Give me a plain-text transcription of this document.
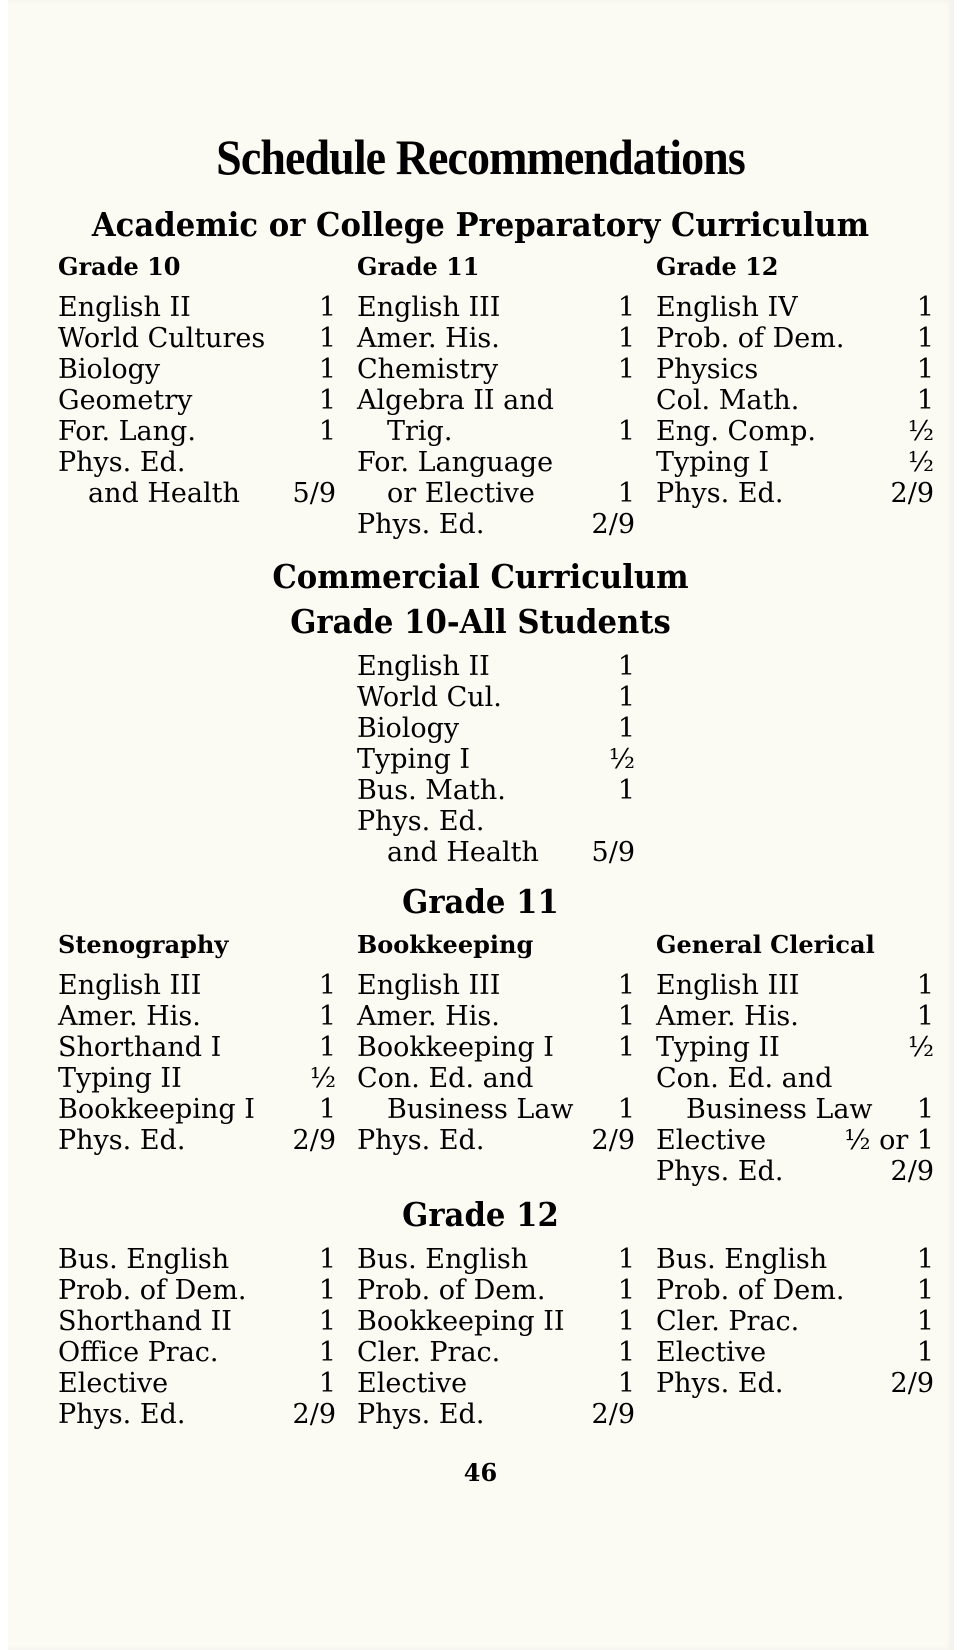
Schedule Recommendations
Academic or College Preparatory Curriculum
Grade 10
English II	1
World Cultures 1
Biology	1
Geometry	1
For. Lang.	1
Phys. Ed.
and Health 5/9
Grade 11
English III	1
Amer. His.	1
Chemistry	1
Algebra II and
Trig.	1
For. Language
or Elective	1
Phys. Ed.	2/9
Grade 12
English IV	1
Prob. of Dem.	1
Physics	1
Col. Math.	1
Eng. Comp.	½
Typing I	½
Phys. Ed.	2/9
Commercial Curriculum
Grade 10-All Students
English II	1
World Cul.	1
Biology	1
Typing I	½
Bus. Math.	1
Phys. Ed.
and Health 5/9
Grade 11
Stenography
English III	1
Amer. His.	1
Shorthand I	1
Typing II	½
Bookkeeping I 1
Phys. Ed.	2/9
Bookkeeping
English III	1
Amer. His.	1
Bookkeeping I 1
Con. Ed. and
Business Law 1
Phys. Ed.	2/9
General Clerical
English III	1
Amer. His.	1
Typing II	½
Con. Ed. and
Business Law 1
Elective	½ or 1
Phys. Ed.	2/9
Grade 12
Bus. English	1
Prob. of Dem.	1
Shorthand II	1
Office Prac.	1
Elective	1
Phys. Ed.	2/9
Bus. English	1
Prob. of Dem.	1
Bookkeeping II 1
Cler. Prac.	1
Elective	1
Phys. Ed.	2/9
Bus. English	1
Prob. of Dem.	1
Cler. Prac.	1
Elective	1
Phys. Ed.	2/9
46
